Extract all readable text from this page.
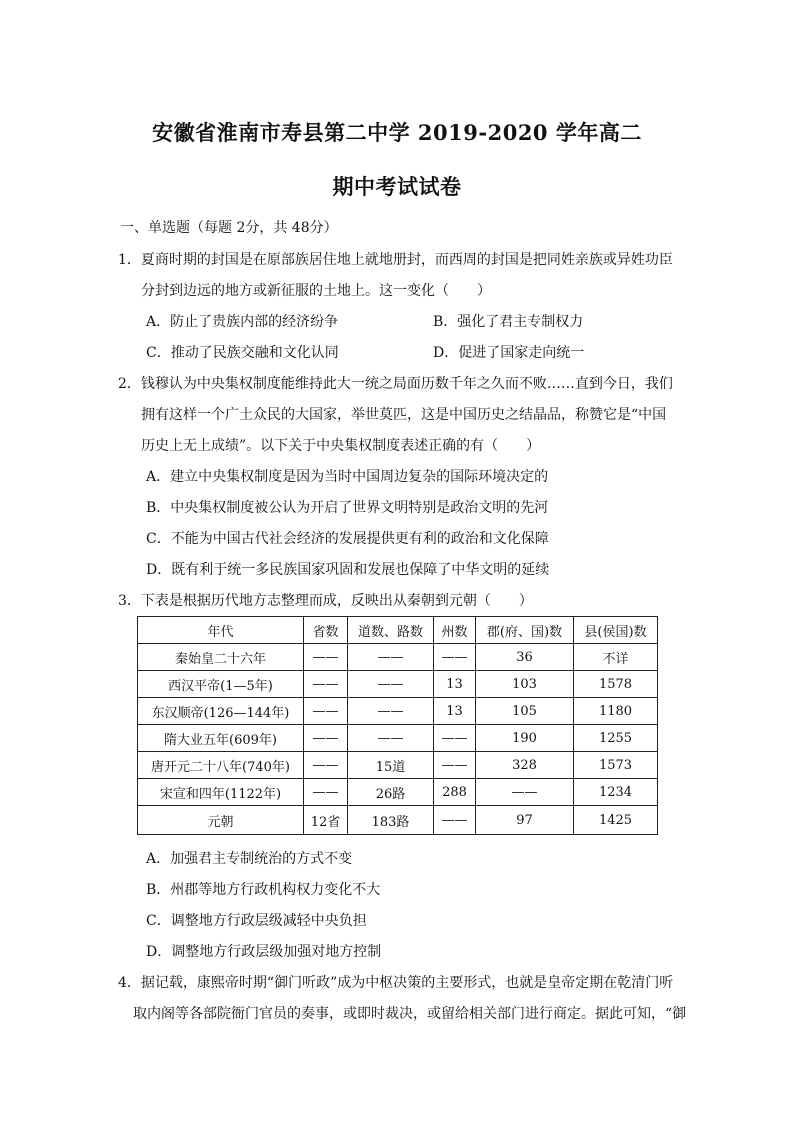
安徽省淮南市寿县第二中学 2019-2020 学年高二
期中考试试卷
一、单选题（每题 2分，共 48分）
1．夏商时期的封国是在原部族居住地上就地册封，而西周的封国是把同姓亲族或异姓功臣
分封到边远的地方或新征服的土地上。这一变化（　　）
A．防止了贵族内部的经济纷争	B．强化了君主专制权力
C．推动了民族交融和文化认同	D．促进了国家走向统一
2．钱穆认为中央集权制度能维持此大一统之局面历数千年之久而不败……直到今日，我们
拥有这样一个广土众民的大国家，举世莫匹，这是中国历史之结晶品，称赞它是“中国
历史上无上成绩”。以下关于中央集权制度表述正确的有（　　）
A．建立中央集权制度是因为当时中国周边复杂的国际环境决定的
B．中央集权制度被公认为开启了世界文明特别是政治文明的先河
C．不能为中国古代社会经济的发展提供更有利的政治和文化保障
D．既有利于统一多民族国家巩固和发展也保障了中华文明的延续
3．下表是根据历代地方志整理而成，反映出从秦朝到元朝（　　）
年代	省数	道数、路数	州数	郡(府、国)数	县(侯国)数
秦始皇二十六年	——	——	——	36	不详
西汉平帝(1—5年)	——	——	13	103	1578
东汉顺帝(126—144年)	——	——	13	105	1180
隋大业五年(609年)	——	——	——	190	1255
唐开元二十八年(740年)	——	15道	——	328	1573
宋宣和四年(1122年)	——	26路	288	——	1234
元朝	12省	183路	——	97	1425
A．加强君主专制统治的方式不变
B．州郡等地方行政机构权力变化不大
C．调整地方行政层级减轻中央负担
D．调整地方行政层级加强对地方控制
4．据记载，康熙帝时期“御门听政”成为中枢决策的主要形式，也就是皇帝定期在乾清门听
取内阁等各部院衙门官员的奏事，或即时裁决，或留给相关部门进行商定。据此可知，“御
